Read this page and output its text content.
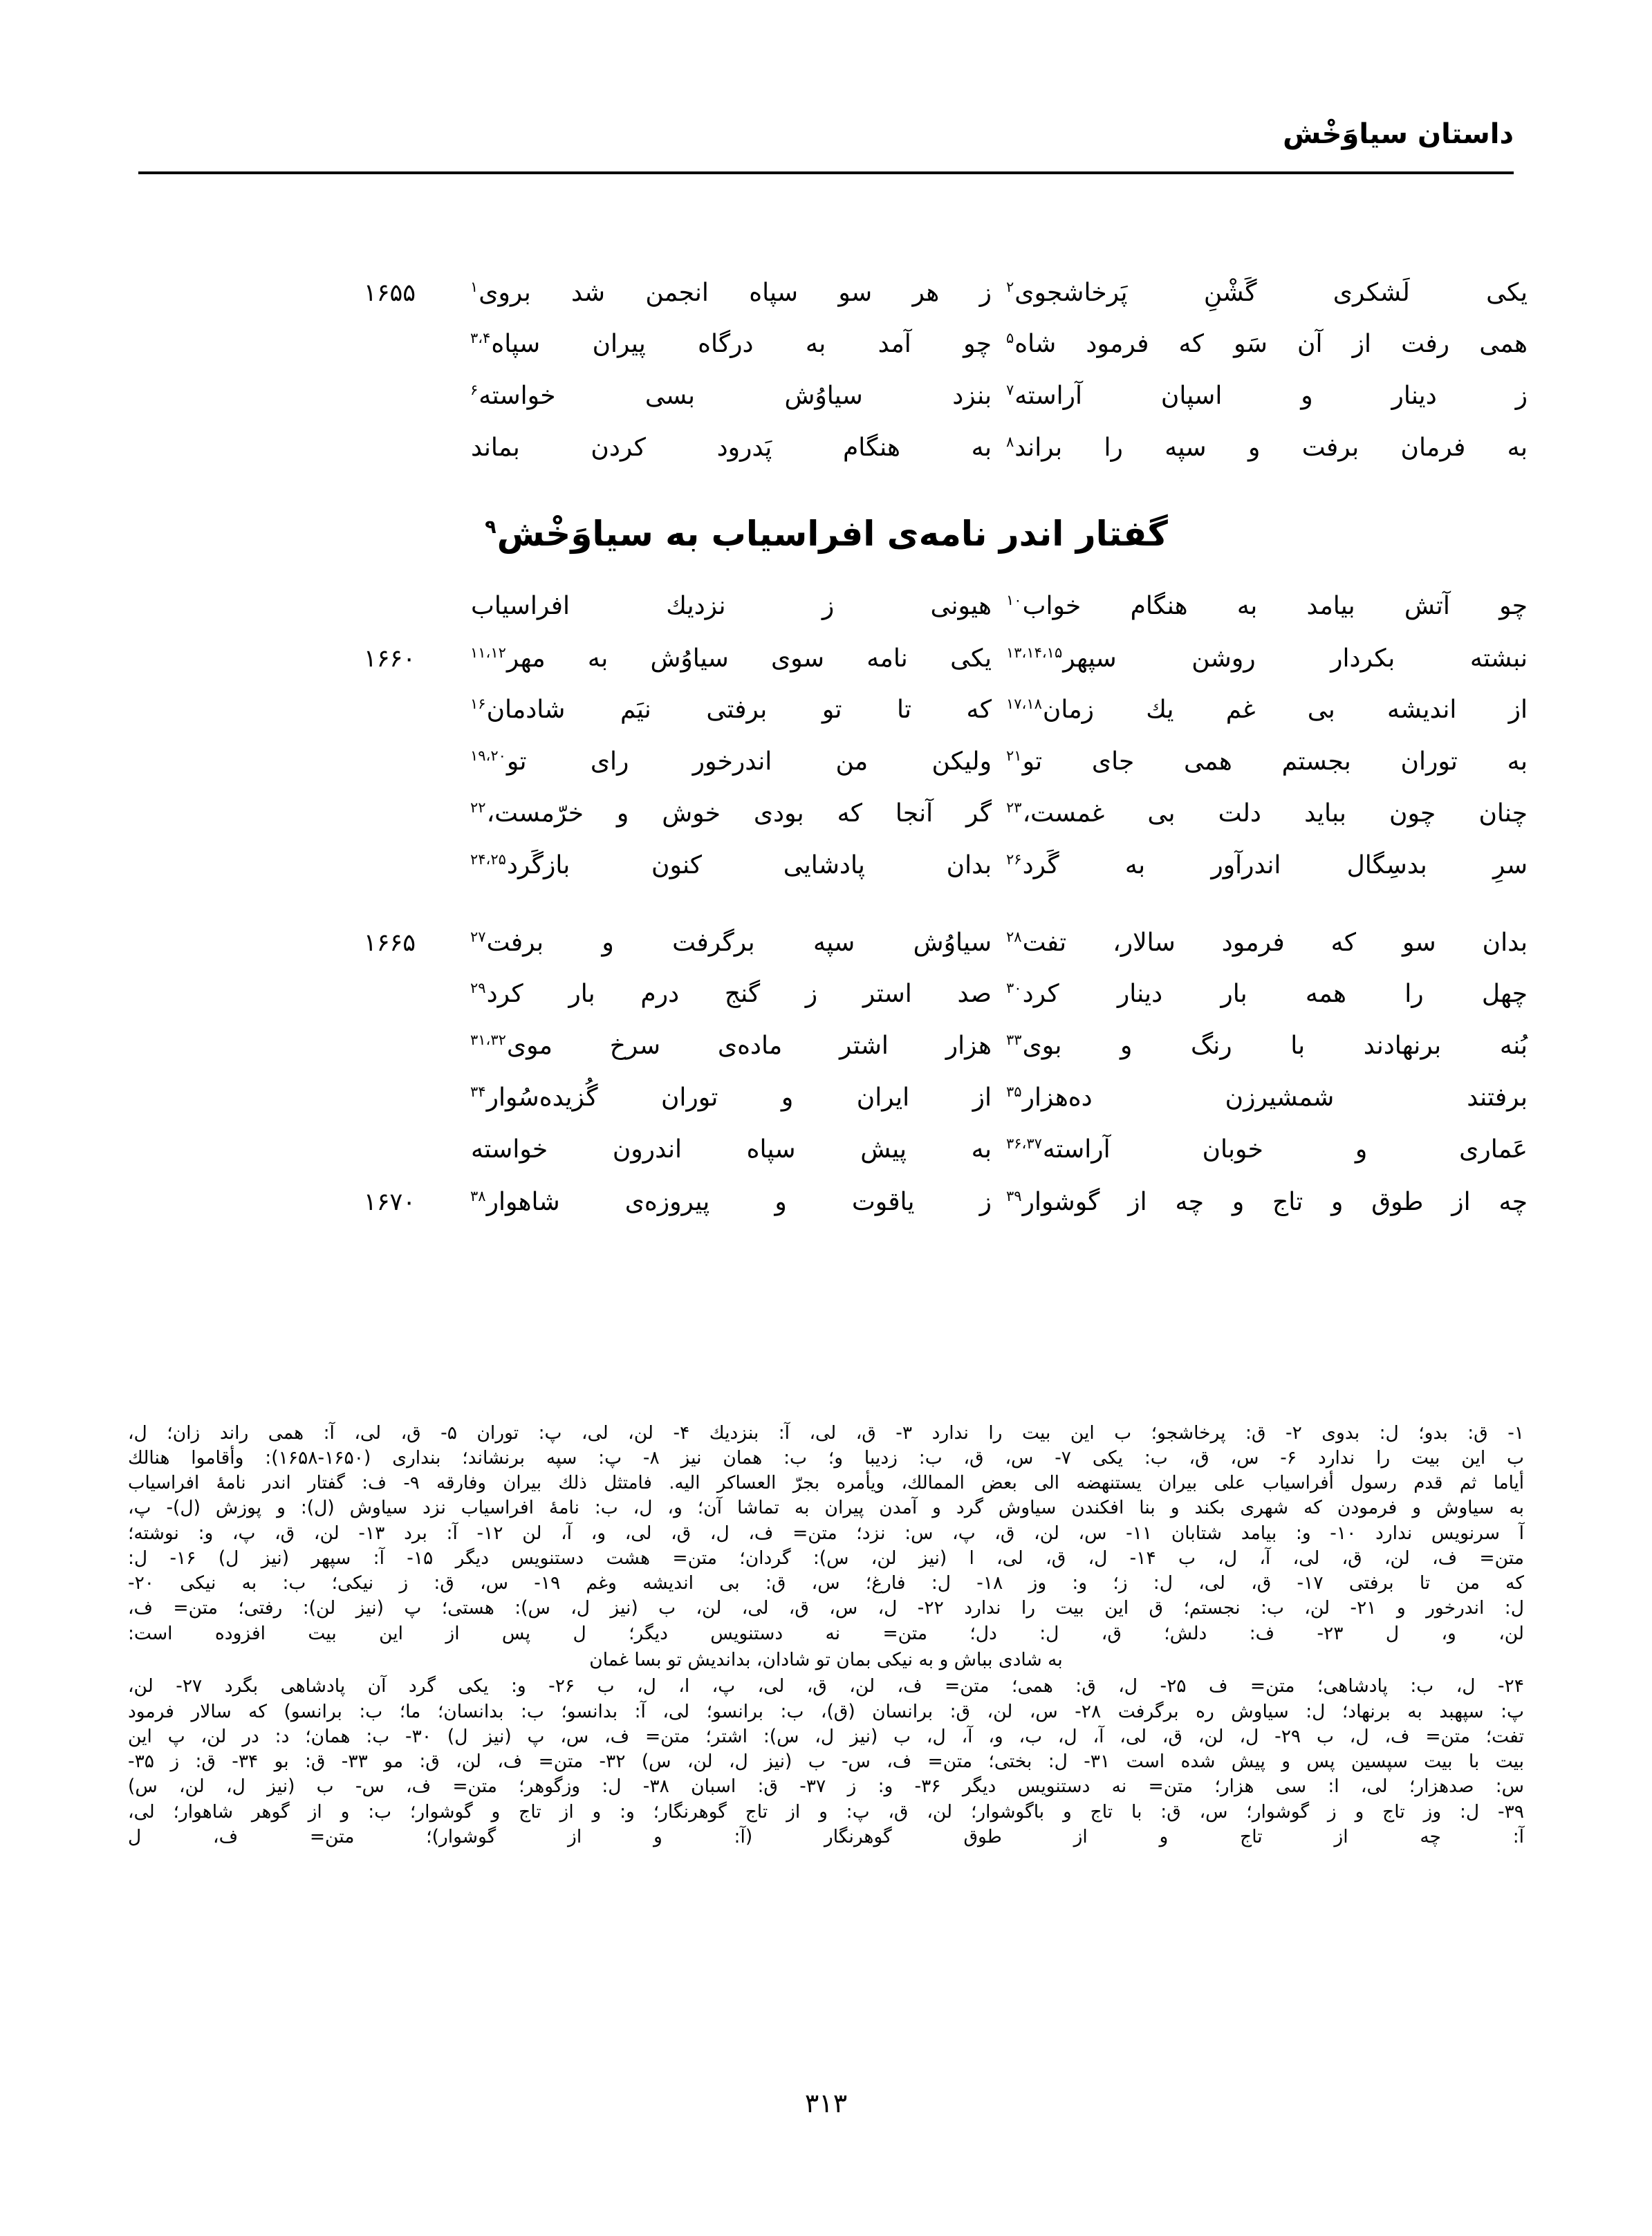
داستان سیاوَخْش
یکی لَشکری گَشْنِ پَرخاشجوی$^۲$
ز هر سو سپاه انجمن شد بروی$^۱$
۱۶۵۵
همی رفت از آن سَو که فرمود شاه$^۵$
چو آمد به درگاه پیران سپاه$^{۳،۴}$
ز دینار و اسپان آراسته$^۷$
بنزد سیاوُش بسی خواسته$^۶$
به فرمان برفت و سپه را براند$^۸$
به هنگام پَدرود کردن بماند
گفتار اندر نامه‌ی افراسیاب به سیاوَخْش$^۹$
چو آتش بیامد به هنگام خواب$^{۱۰}$
هیونی ز نزدیك افراسیاب
نبشته بکردار روشن سپهر$^{۱۳،۱۴،۱۵}$
یکی نامه سوی سیاوُش به مهر$^{۱۱،۱۲}$
۱۶۶۰
از اندیشه بی غم یك زمان$^{۱۷،۱۸}$
که تا تو برفتی نیَم شادمان$^{۱۶}$
به توران بجستم همی جای تو$^{۲۱}$
ولیکن من اندرخور رای تو$^{۱۹،۲۰}$
چنان چون بباید دلت بی غمست،$^{۲۳}$
گر آنجا که بودی خوش و خرّمست،$^{۲۲}$
سرِ بدسِگال اندرآور به گَرد$^{۲۶}$
بدان پادشایی کنون بازگَرد$^{۲۴،۲۵}$
بدان سو که فرمود سالار، تفت$^{۲۸}$
سیاوُش سپه برگرفت و برفت$^{۲۷}$
۱۶۶۵
چهل را همه بار دینار کرد$^{۳۰}$
صد استر ز گنج درم بار کرد$^{۲۹}$
بُنه برنهادند با رنگ و بوی$^{۳۳}$
هزار اشتر ماده‌ی سرخ موی$^{۳۱،۳۲}$
برفتند شمشیرزن ده‌هزار$^{۳۵}$
از ایران و توران گُزیده‌سُوار$^{۳۴}$
عَماری و خوبان آراسته$^{۳۶،۳۷}$
به پیش سپاه اندرون خواسته
چه از طوق و تاج و چه از گوشوار$^{۳۹}$
ز یاقوت و پیروزه‌ی شاهوار$^{۳۸}$
۱۶۷۰

۱- ق: بدو؛ ل: بدوی ۲- ق: پرخاشجو؛ ب این بیت را ندارد ۳- ق، لی، آ: بنزدیك ۴- لن، لی، پ: توران ۵- ق، لی، آ: همی راند زان؛ ل،

ب این بیت را ندارد ۶- س، ق، ب: یکی ۷- س، ق، ب: زدیبا و؛ ب: همان نیز ۸- پ: سپه برنشاند؛ بنداری (۱۶۵۰-۱۶۵۸): وأقاموا هنالك

أیاما ثم قدم رسول أفراسیاب علی بیران یستنهضه الی بعض الممالك، ویأمره بجرّ العساكر الیه. فامتثل ذلك بیران وفارقه ۹- ف: گفتار اندر نامۀ افراسیاب

به سیاوش و فرمودن که شهری بکند و بنا افکندن سیاوش گرد و آمدن پیران به تماشا آن؛ و، ل، ب: نامۀ افراسیاب نزد سیاوش (ل): و پوزش (ل)- پ،

آ سرنویس ندارد ۱۰- و: بیامد شتابان ۱۱- س، لن، ق، پ، س: نزد؛ متن= ف، ل، ق، لی، و، آ، لن ۱۲- آ: برد ۱۳- لن، ق، پ، و: نوشته؛

متن= ف، لن، ق، لی، آ، ل، ب ۱۴- ل، ق، لی، ا (نیز لن، س): گردان؛ متن= هشت دستنویس دیگر ۱۵- آ: سپهر (نیز ل) ۱۶- ل:

که من تا برفتی ۱۷- ق، لی، ل: ز؛ و: وز ۱۸- ل: فارغ؛ س، ق: بی اندیشه وغم ۱۹- س، ق: ز نیکی؛ ب: به نیکی ۲۰-

ل: اندرخور و ۲۱- لن، ب: نجستم؛ ق این بیت را ندارد ۲۲- ل، س، ق، لی، لن، ب (نیز ل، س): هستی؛ پ (نیز لن): رفتی؛ متن= ف،

لن، و، ل ۲۳- ف: دلش؛ ق، ل: دل؛ متن= نه دستنویس دیگر؛ ل پس از این بیت افزوده است:

به شادی بباش و به نیکی بمان تو شادان، بداندیش تو بسا غمان

۲۴- ل، ب: پادشاهی؛ متن= ف ۲۵- ل، ق: همی؛ متن= ف، لن، ق، لی، پ، ا، ل، ب ۲۶- و: یکی گرد آن پادشاهی بگرد ۲۷- لن،

پ: سپهبد به برنهاد؛ ل: سیاوش ره برگرفت ۲۸- س، لن، ق: برانسان (ق)، ب: برانسو؛ لی، آ: بدانسو؛ ب: بدانسان؛ ما؛ ب: برانسو) که سالار فرمود

تفت؛ متن= ف، ل، ب ۲۹- ل، لن، ق، لی، آ، ل، ب، و، آ، ل، ب (نیز ل، س): اشتر؛ متن= ف، س، پ (نیز ل) ۳۰- ب: همان؛ د: در لن، پ این

بیت با بیت سپسین پس و پیش شده است ۳۱- ل: بختی؛ متن= ف، س- ب (نیز ل، لن، س) ۳۲- متن= ف، لن، ق: مو ۳۳- ق: بو ۳۴- ق: ز ۳۵-

س: صدهزار؛ لی، ا: سی هزار؛ متن= نه دستنویس دیگر ۳۶- و: ز ۳۷- ق: اسبان ۳۸- ل: وزگوهر؛ متن= ف، س- ب (نیز ل، لن، س)

۳۹- ل: وز تاج و ز گوشوار؛ س، ق: با تاج و باگوشوار؛ لن، ق، پ: و از تاج گوهرنگار؛ و: و از تاج و گوشوار؛ ب: و از گوهر شاهوار؛ لی،

آ: چه از تاج و از طوق گوهرنگار (آ: و از گوشوار)؛ متن= ف، ل

۳۱۳
